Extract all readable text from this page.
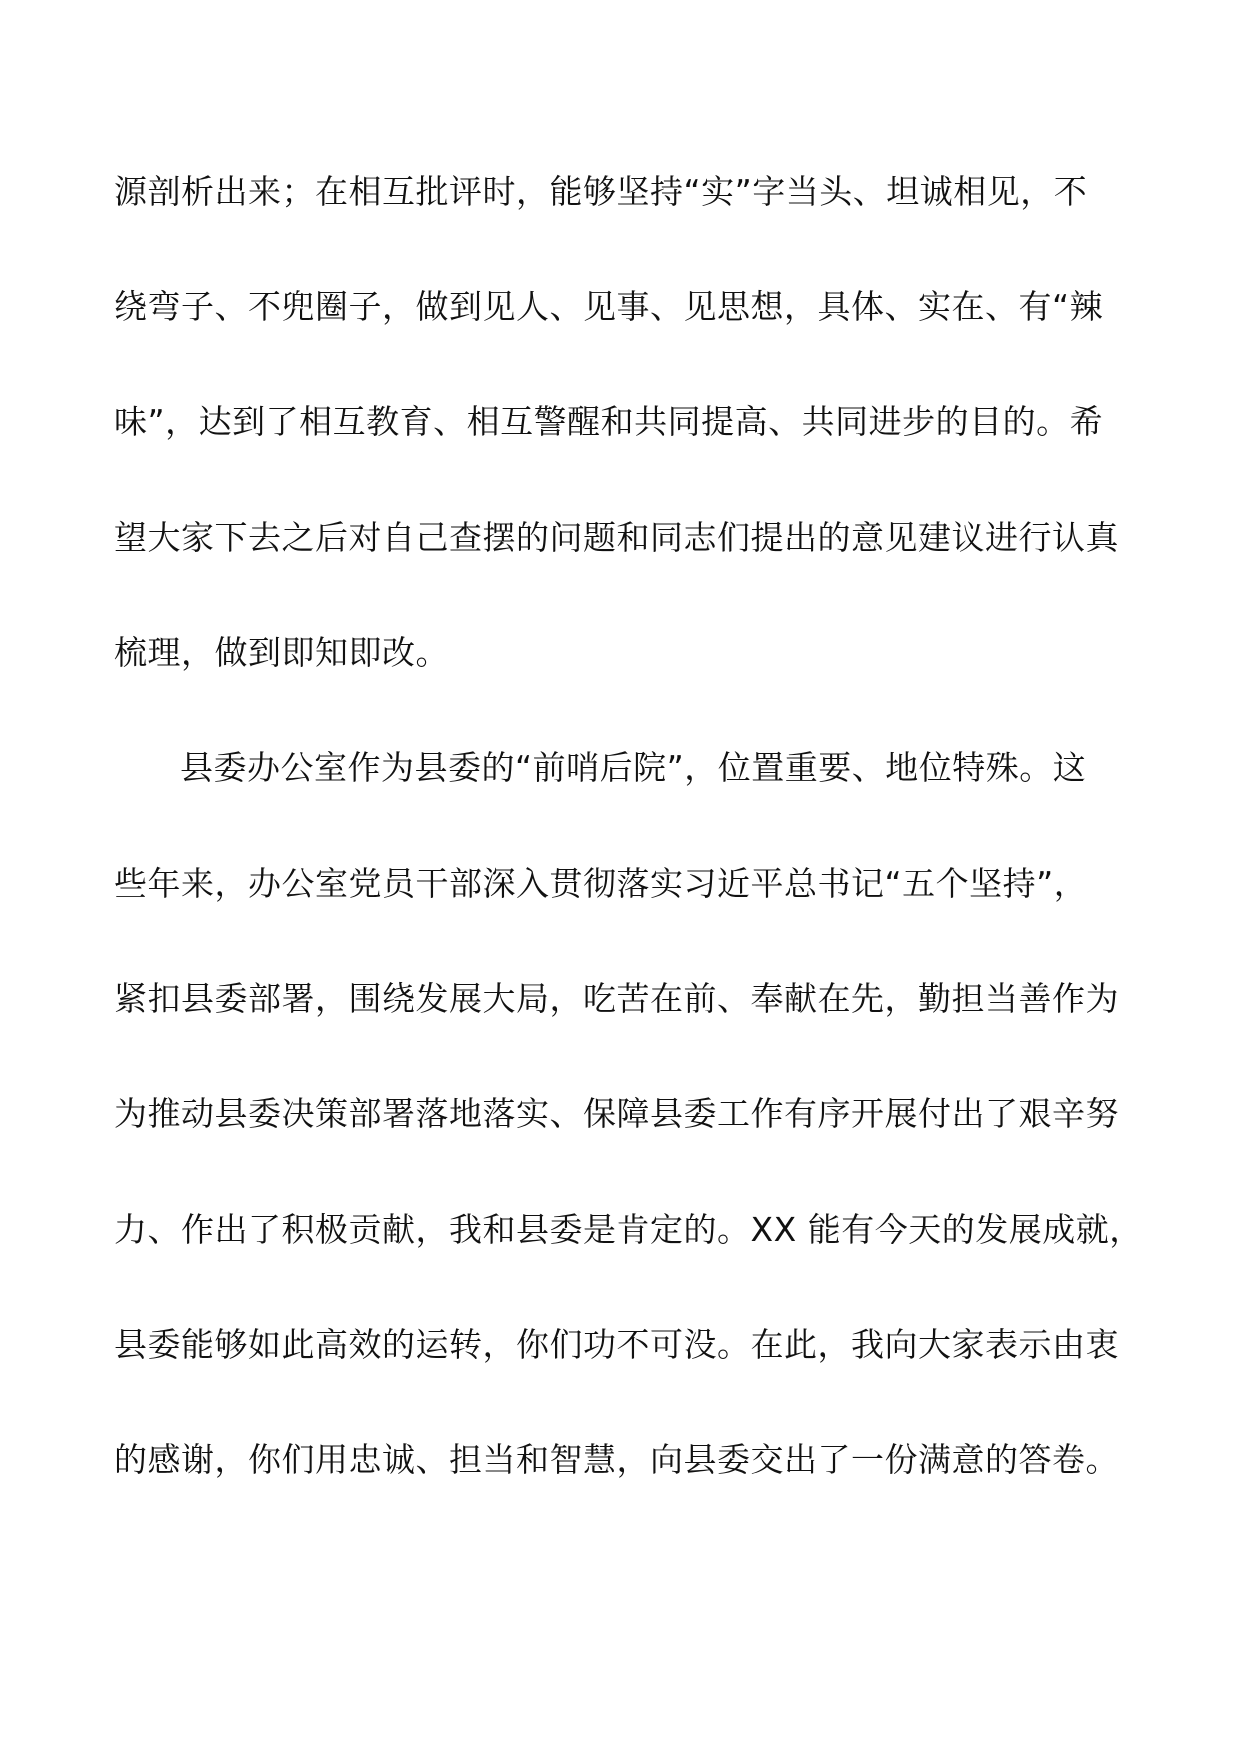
源剖析出来；在相互批评时，能够坚持“实”字当头、坦诚相见，不
绕弯子、不兜圈子，做到见人、见事、见思想，具体、实在、有“辣
味”，达到了相互教育、相互警醒和共同提高、共同进步的目的。希
望大家下去之后对自己查摆的问题和同志们提出的意见建议进行认真
梳理，做到即知即改。
县委办公室作为县委的“前哨后院”，位置重要、地位特殊。这
些年来，办公室党员干部深入贯彻落实习近平总书记“五个坚持”，
紧扣县委部署，围绕发展大局，吃苦在前、奉献在先，勤担当善作为
为推动县委决策部署落地落实、保障县委工作有序开展付出了艰辛努
力、作出了积极贡献，我和县委是肯定的。XX 能有今天的发展成就，
县委能够如此高效的运转，你们功不可没。在此，我向大家表示由衷
的感谢，你们用忠诚、担当和智慧，向县委交出了一份满意的答卷。
